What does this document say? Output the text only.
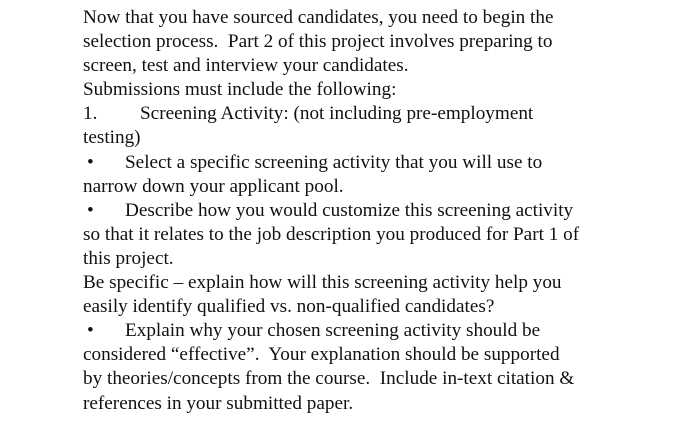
Now that you have sourced candidates, you need to begin the
selection process.  Part 2 of this project involves preparing to
screen, test and interview your candidates.
Submissions must include the following:
1. Screening Activity: (not including pre-employment
testing)
• Select a specific screening activity that you will use to
narrow down your applicant pool.
• Describe how you would customize this screening activity
so that it relates to the job description you produced for Part 1 of
this project.
Be specific – explain how will this screening activity help you
easily identify qualified vs. non-qualified candidates?
• Explain why your chosen screening activity should be
considered “effective”.  Your explanation should be supported
by theories/concepts from the course.  Include in-text citation &
references in your submitted paper.
